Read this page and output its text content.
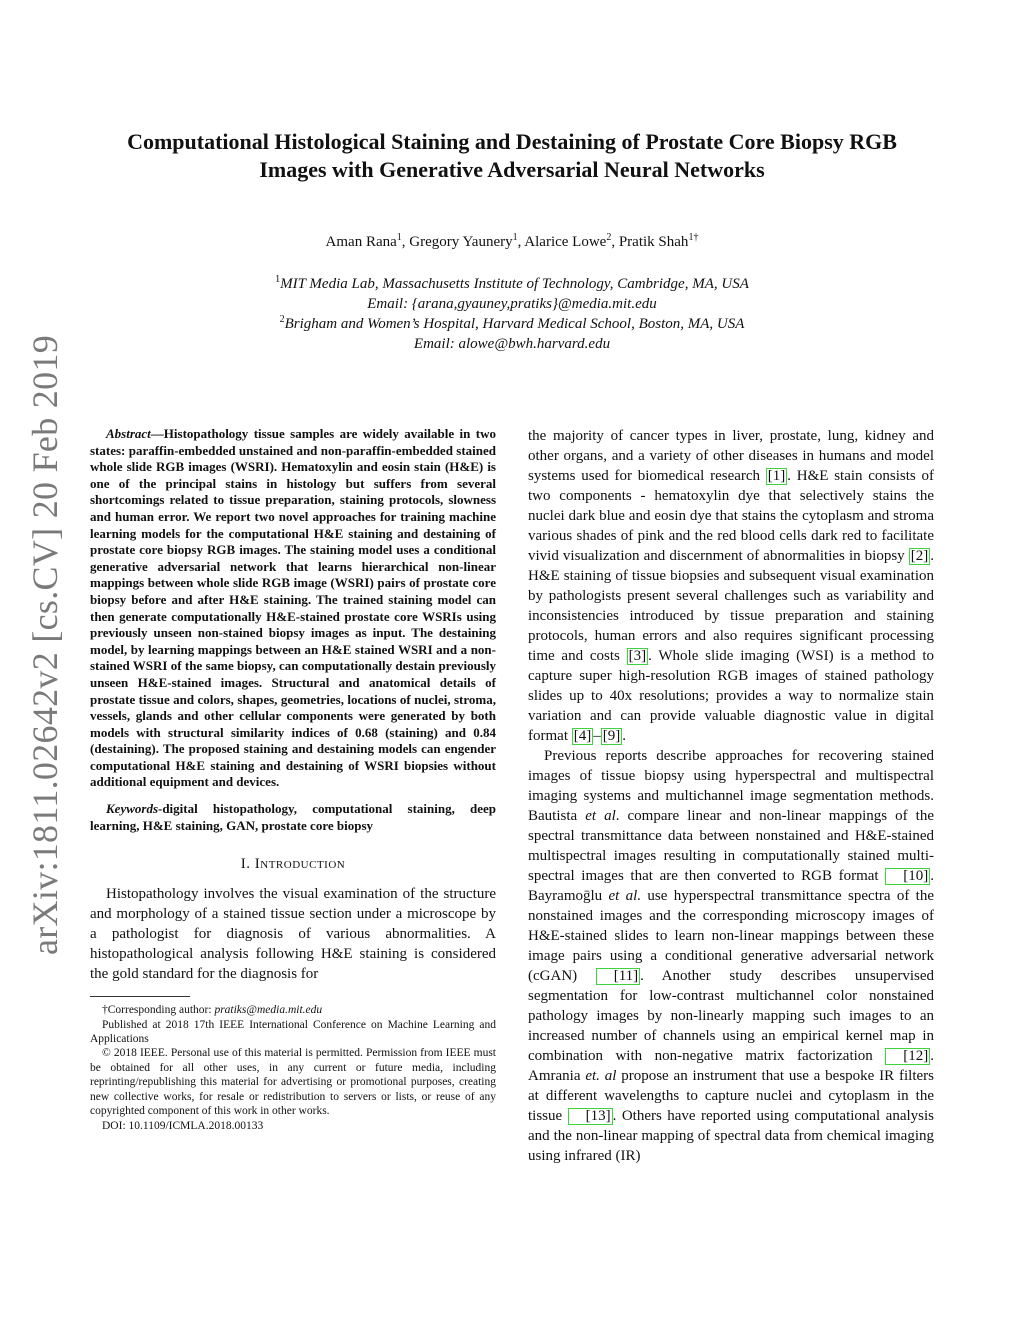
arXiv:1811.02642v2 [cs.CV] 20 Feb 2019
Computational Histological Staining and Destaining of Prostate Core Biopsy RGB
Images with Generative Adversarial Neural Networks
Aman Rana$^1$, Gregory Yaunery$^1$, Alarice Lowe$^2$, Pratik Shah$^{1\dagger}$
$^1$MIT Media Lab, Massachusetts Institute of Technology, Cambridge, MA, USA
Email: {arana,gyauney,pratiks}@media.mit.edu
$^2$Brigham and Women’s Hospital, Harvard Medical School, Boston, MA, USA
Email: alowe@bwh.harvard.edu

Abstract—Histopathology tissue samples are widely available in two states: paraffin-embedded unstained and non-paraffin-embedded stained whole slide RGB images (WSRI). Hematoxylin and eosin stain (H&E) is one of the principal stains in histology but suffers from several shortcomings related to tissue preparation, staining protocols, slowness and human error. We report two novel approaches for training machine learning models for the computational H&E staining and destaining of prostate core biopsy RGB images. The staining model uses a conditional generative adversarial network that learns hierarchical non-linear mappings between whole slide RGB image (WSRI) pairs of prostate core biopsy before and after H&E staining. The trained staining model can then generate computationally H&E-stained prostate core WSRIs using previously unseen non-stained biopsy images as input. The destaining model, by learning mappings between an H&E stained WSRI and a non-stained WSRI of the same biopsy, can computationally destain previously unseen H&E-stained images. Structural and anatomical details of prostate tissue and colors, shapes, geometries, locations of nuclei, stroma, vessels, glands and other cellular components were generated by both models with structural similarity indices of 0.68 (staining) and 0.84 (destaining). The proposed staining and destaining models can engender computational H&E staining and destaining of WSRI biopsies without additional equipment and devices.

Keywords-digital histopathology, computational staining, deep learning, H&E staining, GAN, prostate core biopsy

I. Introduction

Histopathology involves the visual examination of the structure and morphology of a stained tissue section under a microscope by a pathologist for diagnosis of various abnormalities. A histopathological analysis following H&E staining is considered the gold standard for the diagnosis for

†Corresponding author: pratiks@media.mit.edu

Published at 2018 17th IEEE International Conference on Machine Learning and Applications

© 2018 IEEE. Personal use of this material is permitted. Permission from IEEE must be obtained for all other uses, in any current or future media, including reprinting/republishing this material for advertising or promotional purposes, creating new collective works, for resale or redistribution to servers or lists, or reuse of any copyrighted component of this work in other works.

DOI: 10.1109/ICMLA.2018.00133

the majority of cancer types in liver, prostate, lung, kidney and other organs, and a variety of other diseases in humans and model systems used for biomedical research [1] . H&E stain consists of two components - hematoxylin dye that selectively stains the nuclei dark blue and eosin dye that stains the cytoplasm and stroma various shades of pink and the red blood cells dark red to facilitate vivid visualization and discernment of abnormalities in biopsy [2] . H&E staining of tissue biopsies and subsequent visual examination by pathologists present several challenges such as variability and inconsistencies introduced by tissue preparation and staining protocols, human errors and also requires significant processing time and costs [3] . Whole slide imaging (WSI) is a method to capture super high-resolution RGB images of stained pathology slides up to 40x resolutions; provides a way to normalize stain variation and can provide valuable diagnostic value in digital format [4] – [9] .

Previous reports describe approaches for recovering stained images of tissue biopsy using hyperspectral and multispectral imaging systems and multichannel image segmentation methods. Bautista et al. compare linear and non-linear mappings of the spectral transmittance data between nonstained and H&E-stained multispectral images resulting in computationally stained multi-spectral images that are then converted to RGB format [10] . Bayramoḡlu et al. use hyperspectral transmittance spectra of the nonstained images and the corresponding microscopy images of H&E-stained slides to learn non-linear mappings between these image pairs using a conditional generative adversarial network (cGAN) [11] . Another study describes unsupervised segmentation for low-contrast multichannel color nonstained pathology images by non-linearly mapping such images to an increased number of channels using an empirical kernel map in combination with non-negative matrix factorization [12] . Amrania et. al propose an instrument that use a bespoke IR filters at different wavelengths to capture nuclei and cytoplasm in the tissue [13] . Others have reported using computational analysis and the non-linear mapping of spectral data from chemical imaging using infrared (IR)
